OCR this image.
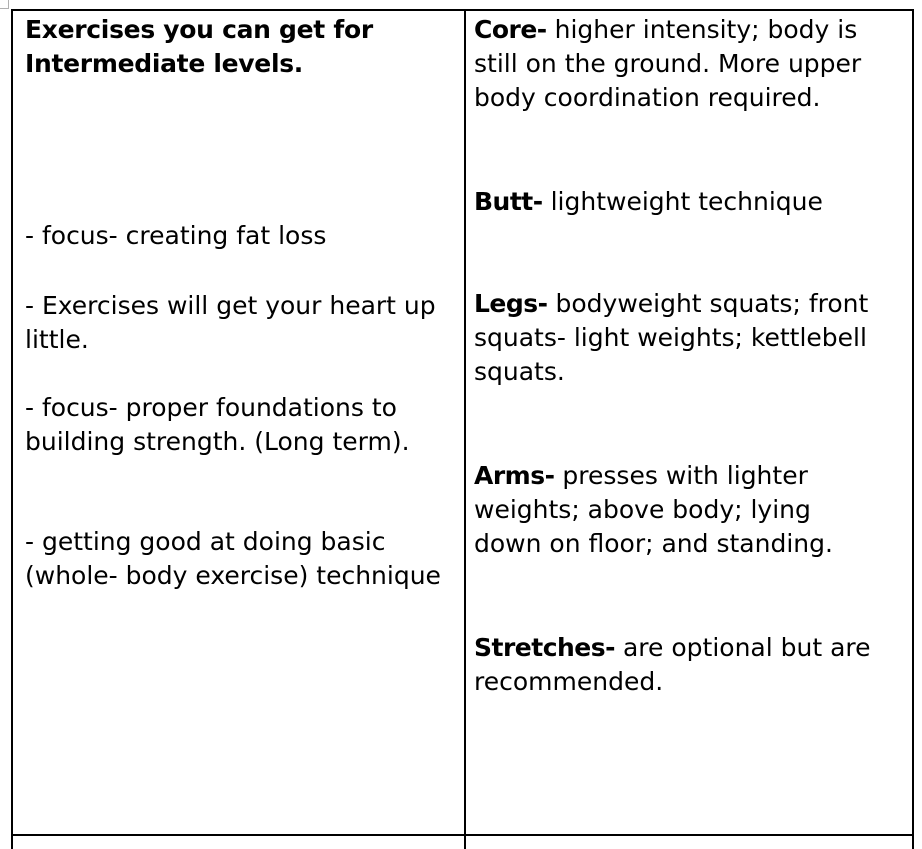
Exercises you can get for Intermediate levels.

- focus- creating fat loss

- Exercises will get your heart up little.

- focus- proper foundations to building strength. (Long term).

- getting good at doing basic (whole- body exercise) technique

Core- higher intensity; body is still on the ground. More upper body coordination required.

Butt- lightweight technique

Legs- bodyweight squats; front squats- light weights; kettlebell squats.

Arms- presses with lighter weights; above body; lying down on floor; and standing.

Stretches- are optional but are recommended.
